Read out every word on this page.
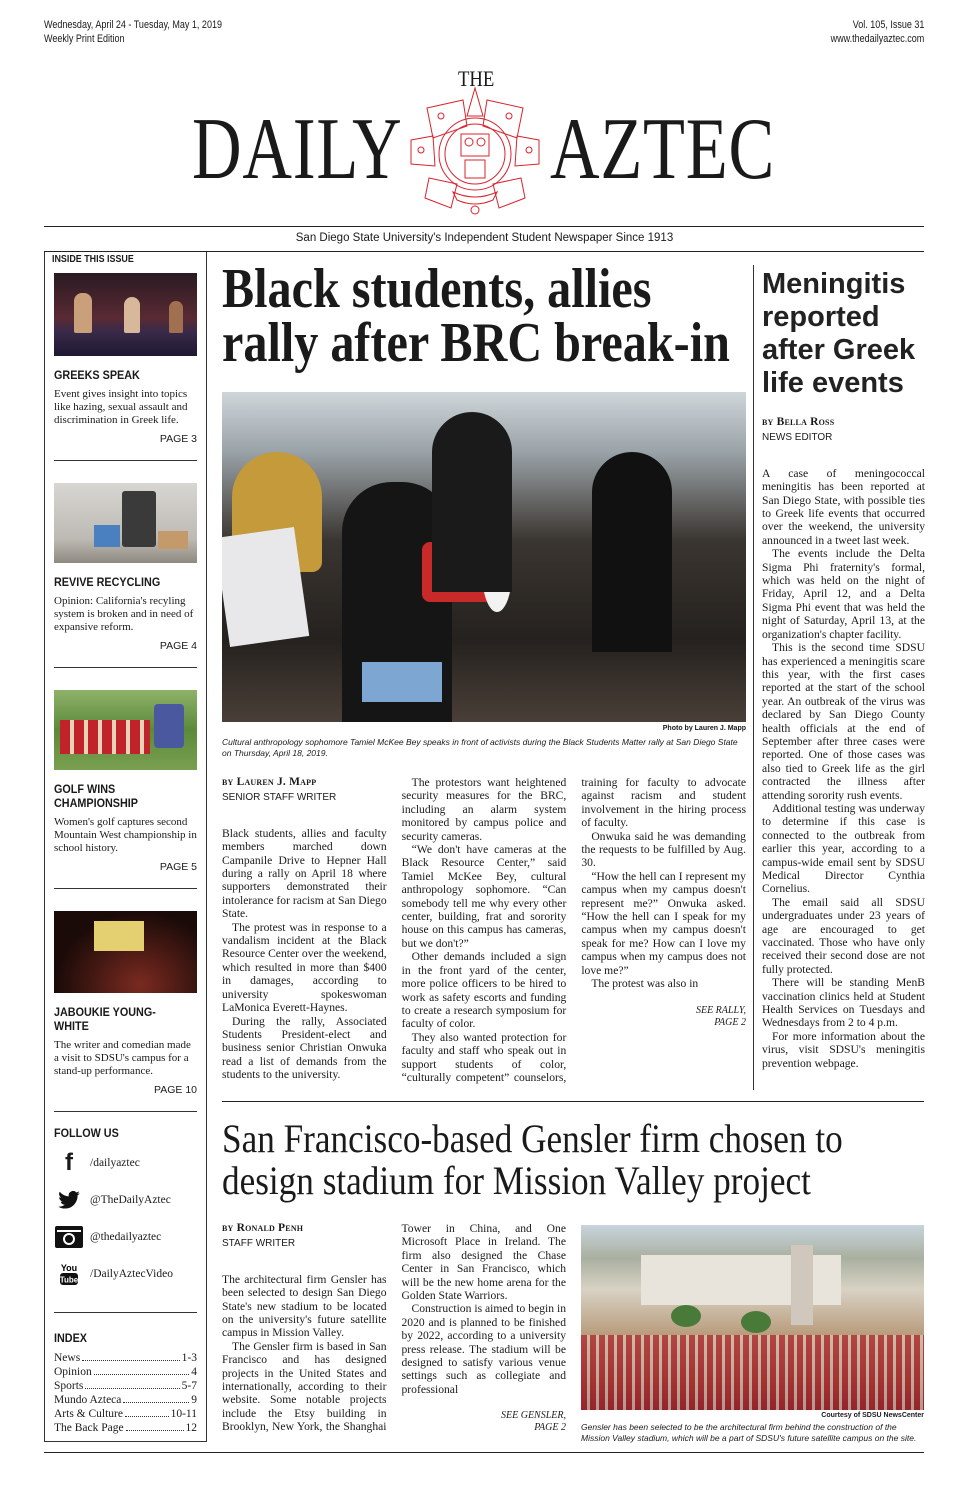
Wednesday, April 24 - Tuesday, May 1, 2019
Weekly Print Edition
Vol. 105, Issue 31
www.thedailyaztec.com
THE
DAILY AZTEC
San Diego State University's Independent Student Newspaper Since 1913
INSIDE THIS ISSUE
GREEKS SPEAK
Event gives insight into topics like hazing, sexual assault and discrimination in Greek life.
PAGE 3
REVIVE RECYCLING
Opinion: California's recyling system is broken and in need of expansive reform.
PAGE 4
GOLF WINS CHAMPIONSHIP
Women's golf captures second Mountain West championship in school history.
PAGE 5
JABOUKIE YOUNG-WHITE
The writer and comedian made a visit to SDSU's campus for a stand-up performance.
PAGE 10
FOLLOW US
f /dailyaztec
@TheDailyAztec
@thedailyaztec
You
Tube /DailyAztecVideo
INDEX
News	1-3
Opinion	4
Sports	5-7
Mundo Azteca	9
Arts & Culture	10-11
The Back Page	12
Black students, allies rally after BRC break-in
Photo by Lauren J. Mapp
Cultural anthropology sophomore Tamiel McKee Bey speaks in front of activists during the Black Students Matter rally at San Diego State on Thursday, April 18, 2019.
by Lauren J. Mapp
SENIOR STAFF WRITER

Black students, allies and faculty members marched down Campanile Drive to Hepner Hall during a rally on April 18 where supporters demonstrated their intolerance for racism at San Diego State.

The protest was in response to a vandalism incident at the Black Resource Center over the weekend, which resulted in more than $400 in damages, according to university spokeswoman LaMonica Everett-Haynes.

During the rally, Associated Students President-elect and business senior Christian Onwuka read a list of demands from the students to the university.

The protestors want heightened security measures for the BRC, including an alarm system monitored by campus police and security cameras.

“We don't have cameras at the Black Resource Center,” said Tamiel McKee Bey, cultural anthropology sophomore. “Can somebody tell me why every other center, building, frat and sorority house on this campus has cameras, but we don't?”

Other demands included a sign in the front yard of the center, more police officers to be hired to work as safety escorts and funding to create a research symposium for faculty of color.

They also wanted protection for faculty and staff who speak out in support students of color, “culturally competent” counselors, training for faculty to advocate against racism and student involvement in the hiring process of faculty.

Onwuka said he was demanding the requests to be fulfilled by Aug. 30.

“How the hell can I represent my campus when my campus doesn't represent me?” Onwuka asked. “How the hell can I speak for my campus when my campus doesn't speak for me? How can I love my campus when my campus does not love me?”

The protest was also in

SEE RALLY, PAGE 2
Meningitis reported after Greek life events
by Bella Ross
NEWS EDITOR

A case of meningococcal meningitis has been reported at San Diego State, with possible ties to Greek life events that occurred over the weekend, the university announced in a tweet last week.

The events include the Delta Sigma Phi fraternity's formal, which was held on the night of Friday, April 12, and a Delta Sigma Phi event that was held the night of Saturday, April 13, at the organization's chapter facility.

This is the second time SDSU has experienced a meningitis scare this year, with the first cases reported at the start of the school year. An outbreak of the virus was declared by San Diego County health officials at the end of September after three cases were reported. One of those cases was also tied to Greek life as the girl contracted the illness after attending sorority rush events.

Additional testing was underway to determine if this case is connected to the outbreak from earlier this year, according to a campus-wide email sent by SDSU Medical Director Cynthia Cornelius.

The email said all SDSU undergraduates under 23 years of age are encouraged to get vaccinated. Those who have only received their second dose are not fully protected.

There will be standing MenB vaccination clinics held at Student Health Services on Tuesdays and Wednesdays from 2 to 4 p.m.

For more information about the virus, visit SDSU's meningitis prevention webpage.

San Francisco-based Gensler firm chosen to design stadium for Mission Valley project
by Ronald Penh
STAFF WRITER

The architectural firm Gensler has been selected to design San Diego State's new stadium to be located on the university's future satellite campus in Mission Valley.

The Gensler firm is based in San Francisco and has designed projects in the United States and internationally, according to their website. Some notable projects include the Etsy building in Brooklyn, New York, the Shanghai Tower in China, and One Microsoft Place in Ireland. The firm also designed the Chase Center in San Francisco, which will be the new home arena for the Golden State Warriors.

Construction is aimed to begin in 2020 and is planned to be finished by 2022, according to a university press release. The stadium will be designed to satisfy various venue settings such as collegiate and professional

SEE GENSLER, PAGE 2
Courtesy of SDSU NewsCenter
Gensler has been selected to be the architectural firm behind the construction of the Mission Valley stadium, which will be a part of SDSU's future satellite campus on the site.
